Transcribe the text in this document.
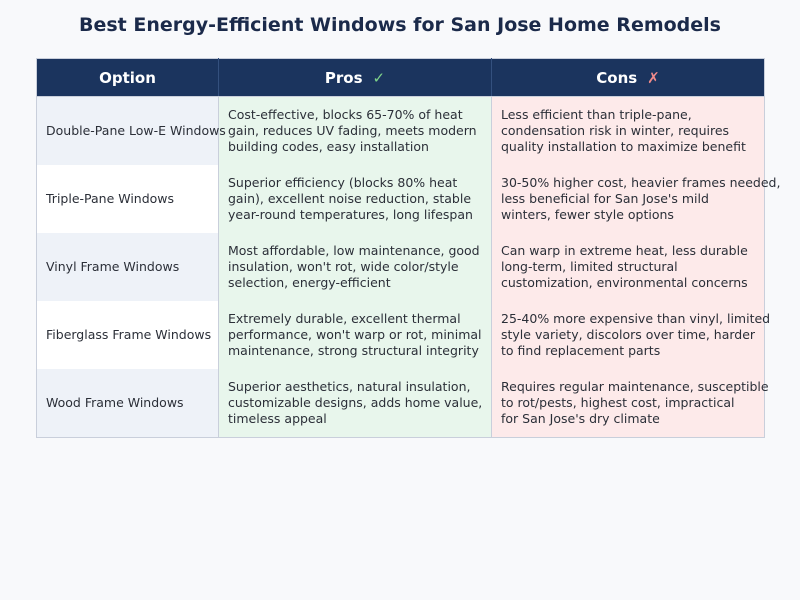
Best Energy-Efficient Windows for San Jose Home Remodels
Option	Pros ✓	Cons ✗
Double-Pane Low-E Windows	Cost-effective, blocks 65-70% of heat
gain, reduces UV fading, meets modern
building codes, easy installation	Less efficient than triple-pane,
condensation risk in winter, requires
quality installation to maximize benefit

Triple-Pane Windows	Superior efficiency (blocks 80% heat
gain), excellent noise reduction, stable
year-round temperatures, long lifespan	30-50% higher cost, heavier frames needed,
less beneficial for San Jose's mild
winters, fewer style options

Vinyl Frame Windows	Most affordable, low maintenance, good
insulation, won't rot, wide color/style
selection, energy-efficient	Can warp in extreme heat, less durable
long-term, limited structural
customization, environmental concerns

Fiberglass Frame Windows	Extremely durable, excellent thermal
performance, won't warp or rot, minimal
maintenance, strong structural integrity	25-40% more expensive than vinyl, limited
style variety, discolors over time, harder
to find replacement parts

Wood Frame Windows	Superior aesthetics, natural insulation,
customizable designs, adds home value,
timeless appeal	Requires regular maintenance, susceptible
to rot/pests, highest cost, impractical
for San Jose's dry climate
